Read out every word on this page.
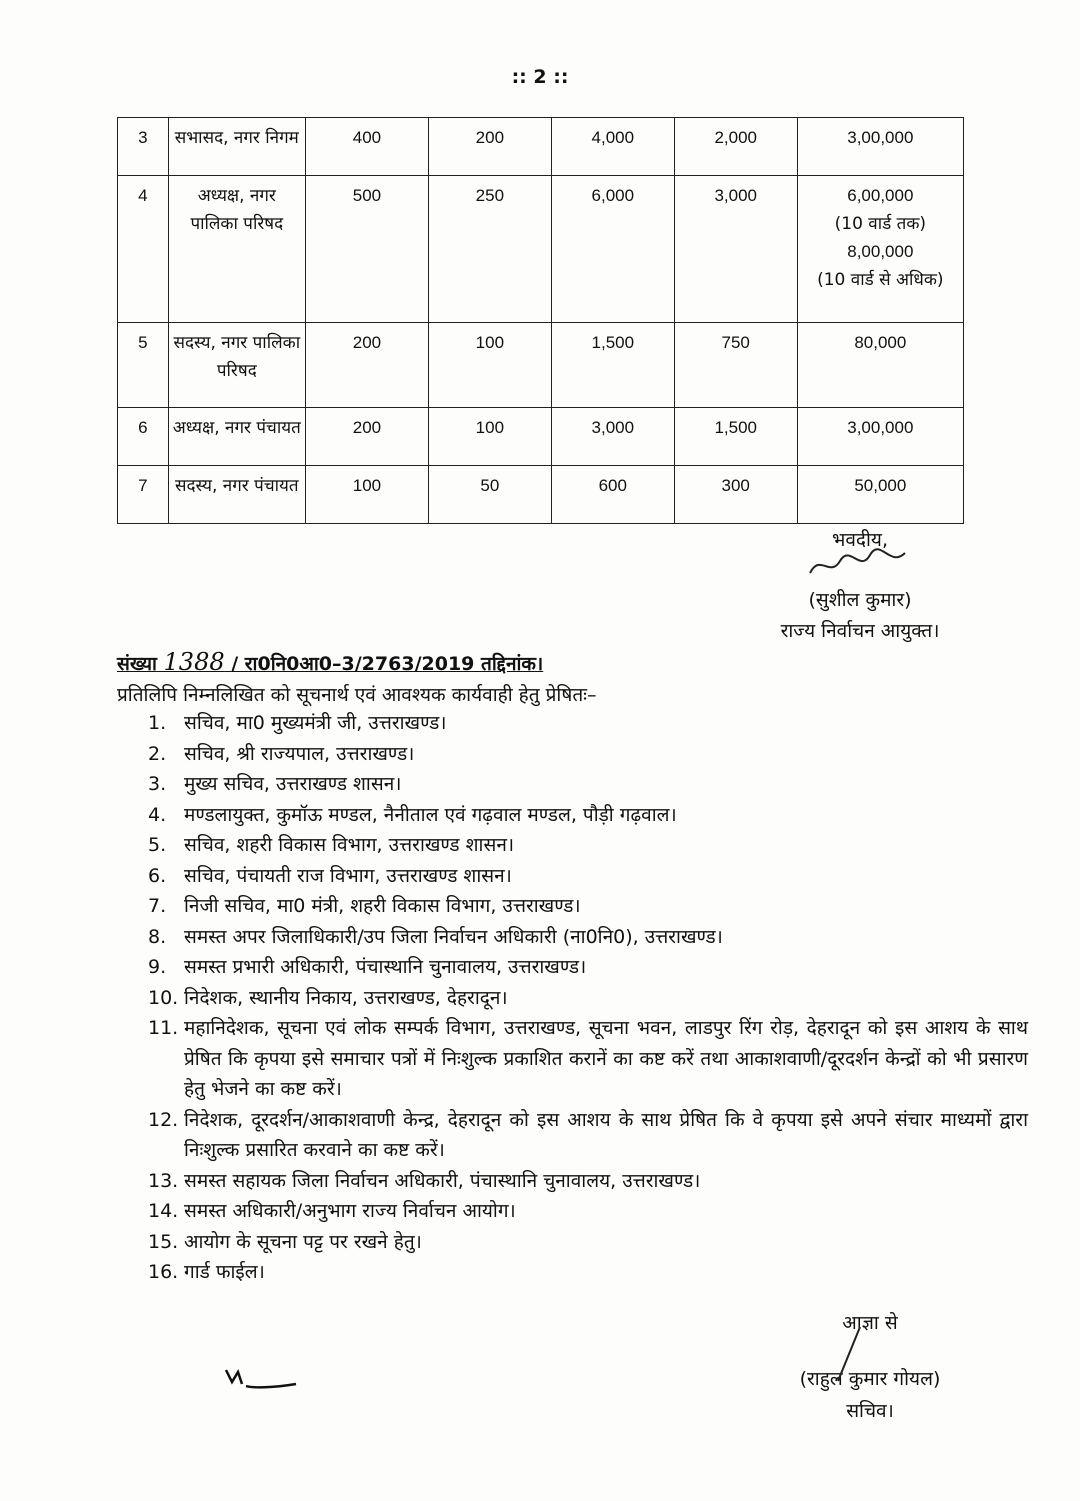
:: 2 ::
3	सभासद, नगर निगम	400	200	4,000	2,000	3,00,000

4	अध्यक्ष, नगर पालिका परिषद	500	250	6,000	3,000	6,00,000
(10 वार्ड तक)
8,00,000
(10 वार्ड से अधिक)

5	सदस्य, नगर पालिका परिषद	200	100	1,500	750	80,000

6	अध्यक्ष, नगर पंचायत	200	100	3,000	1,500	3,00,000

7	सदस्य, नगर पंचायत	100	50	600	300	50,000
भवदीय,
(सुशील कुमार)
राज्य निर्वाचन आयुक्त।
संख्या 1388 / रा0नि0आ0–3/2763/2019 तद्दिनांक।
प्रतिलिपि निम्नलिखित को सूचनार्थ एवं आवश्यक कार्यवाही हेतु प्रेषितः–
1. सचिव, मा0 मुख्यमंत्री जी, उत्तराखण्ड।
2. सचिव, श्री राज्यपाल, उत्तराखण्ड।
3. मुख्य सचिव, उत्तराखण्ड शासन।
4. मण्डलायुक्त, कुमॉऊ मण्डल, नैनीताल एवं गढ़वाल मण्डल, पौड़ी गढ़वाल।
5. सचिव, शहरी विकास विभाग, उत्तराखण्ड शासन।
6. सचिव, पंचायती राज विभाग, उत्तराखण्ड शासन।
7. निजी सचिव, मा0 मंत्री, शहरी विकास विभाग, उत्तराखण्ड।
8. समस्त अपर जिलाधिकारी/उप जिला निर्वाचन अधिकारी (ना0नि0), उत्तराखण्ड।
9. समस्त प्रभारी अधिकारी, पंचास्थानि चुनावालय, उत्तराखण्ड।
10. निदेशक, स्थानीय निकाय, उत्तराखण्ड, देहरादून।
11. महानिदेशक, सूचना एवं लोक सम्पर्क विभाग, उत्तराखण्ड, सूचना भवन, लाडपुर रिंग रोड़, देहरादून को इस आशय के साथ प्रेषित कि कृपया इसे समाचार पत्रों में निःशुल्क प्रकाशित करानें का कष्ट करें तथा आकाशवाणी/दूरदर्शन केन्द्रों को भी प्रसारण हेतु भेजने का कष्ट करें।
12. निदेशक, दूरदर्शन/आकाशवाणी केन्द्र, देहरादून को इस आशय के साथ प्रेषित कि वे कृपया इसे अपने संचार माध्यमों द्वारा निःशुल्क प्रसारित करवाने का कष्ट करें।
13. समस्त सहायक जिला निर्वाचन अधिकारी, पंचास्थानि चुनावालय, उत्तराखण्ड।
14. समस्त अधिकारी/अनुभाग राज्य निर्वाचन आयोग।
15. आयोग के सूचना पट्ट पर रखने हेतु।
16. गार्ड फाईल।
आज्ञा से
(राहुल कुमार गोयल)
सचिव।
